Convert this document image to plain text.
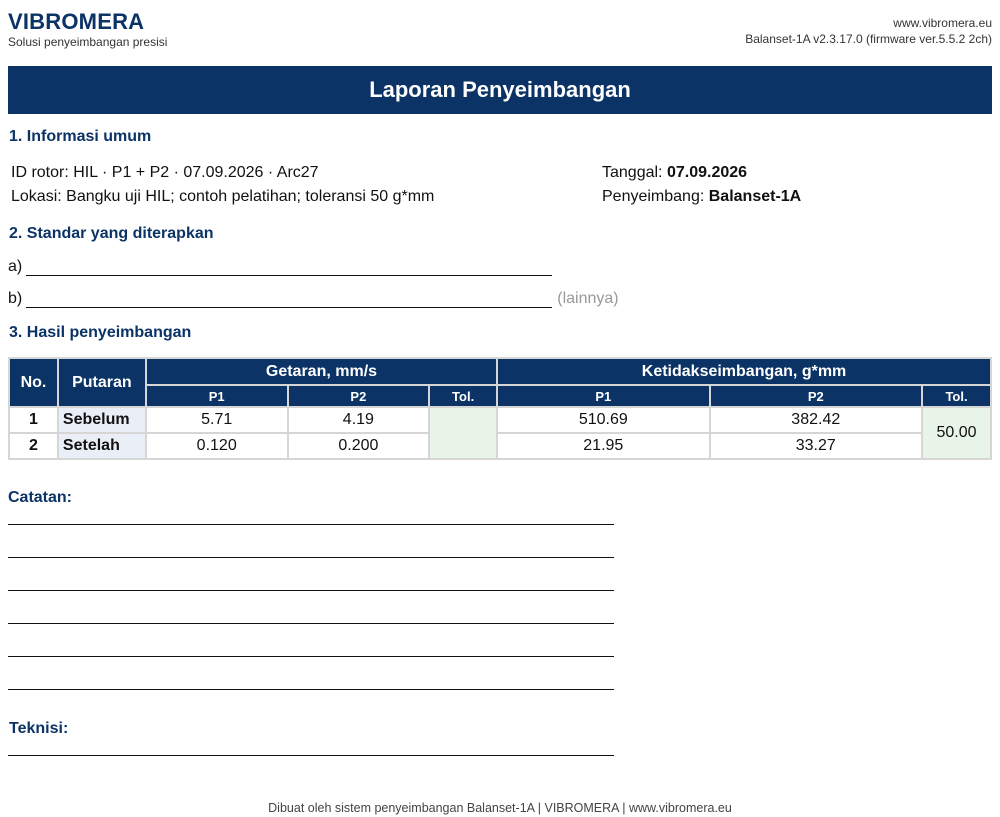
VIBROMERA
Solusi penyeimbangan presisi
www.vibromera.eu
Balanset-1A v2.3.17.0 (firmware ver.5.5.2 2ch)
Laporan Penyeimbangan
1. Informasi umum
ID rotor: HIL · P1 + P2 · 07.09.2026 · Arc27
Lokasi: Bangku uji HIL; contoh pelatihan; toleransi 50 g*mm
Tanggal: 07.09.2026
Penyeimbang: Balanset-1A
2. Standar yang diterapkan
a)
b)	(lainnya)
3. Hasil penyeimbangan
No.	Putaran	Getaran, mm/s			Ketidakseimbangan, g*mm		
		P1	P2	Tol.	P1	P2	Tol.
1	Sebelum	5.71	4.19		510.69	382.42	50.00
2	Setelah	0.120	0.200		21.95	33.27	
Catatan:
Teknisi:
Dibuat oleh sistem penyeimbangan Balanset-1A | VIBROMERA | www.vibromera.eu
